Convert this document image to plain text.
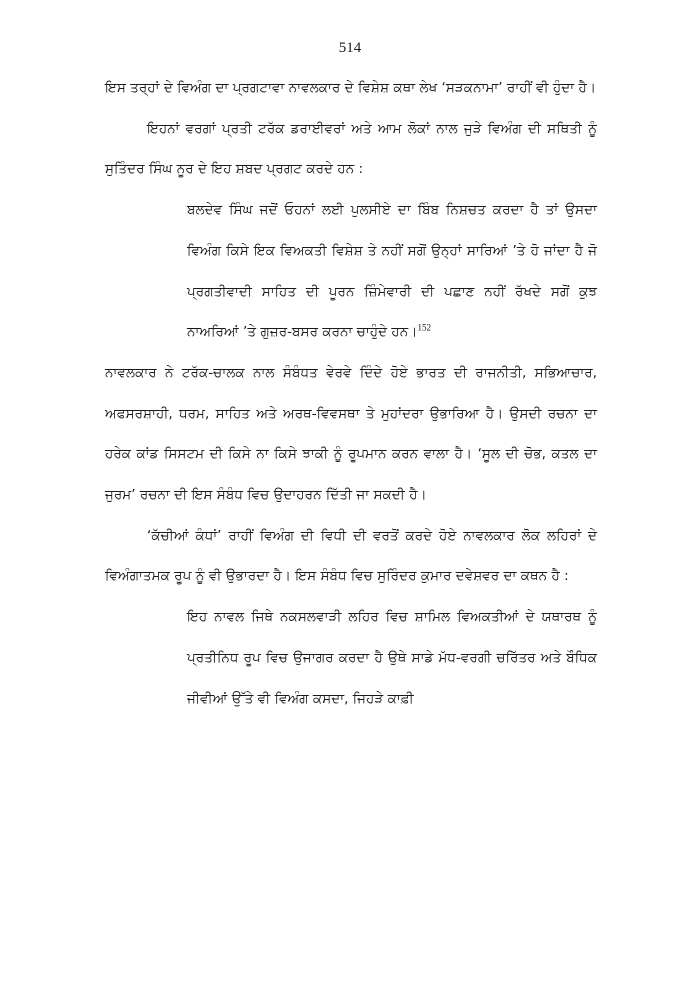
514

ਇਸ ਤਰ੍ਹਾਂ ਦੇ ਵਿਅੰਗ ਦਾ ਪ੍ਰਗਟਾਵਾ ਨਾਵਲਕਾਰ ਦੇ ਵਿਸ਼ੇਸ਼ ਕਥਾ ਲੇਖ ‘ਸੜਕਨਾਮਾ’ ਰਾਹੀਂ ਵੀ ਹੁੰਦਾ ਹੈ।

ਇਹਨਾਂ ਵਰਗਾਂ ਪ੍ਰਤੀ ਟਰੱਕ ਡਰਾਈਵਰਾਂ ਅਤੇ ਆਮ ਲੋਕਾਂ ਨਾਲ ਜੁੜੇ ਵਿਅੰਗ ਦੀ ਸਥਿਤੀ ਨੂੰ ਸੁਤਿੰਦਰ ਸਿੰਘ ਨੂਰ ਦੇ ਇਹ ਸ਼ਬਦ ਪ੍ਰਗਟ ਕਰਦੇ ਹਨ :

ਬਲਦੇਵ ਸਿੰਘ ਜਦੋਂ ਓਹਨਾਂ ਲਈ ਪੁਲਸੀਏ ਦਾ ਬਿੰਬ ਨਿਸ਼ਚਤ ਕਰਦਾ ਹੈ ਤਾਂ ਉਸਦਾ ਵਿਅੰਗ ਕਿਸੇ ਇਕ ਵਿਅਕਤੀ ਵਿਸ਼ੇਸ਼ ਤੇ ਨਹੀਂ ਸਗੋਂ ਉਨ੍ਹਾਂ ਸਾਰਿਆਂ ’ਤੇ ਹੋ ਜਾਂਦਾ ਹੈ ਜੋ ਪ੍ਰਗਤੀਵਾਦੀ ਸਾਹਿਤ ਦੀ ਪੂਰਨ ਜ਼ਿੰਮੇਵਾਰੀ ਦੀ ਪਛਾਣ ਨਹੀਂ ਰੱਖਦੇ ਸਗੋਂ ਕੁਝ ਨਾਅਰਿਆਂ ’ਤੇ ਗੁਜ਼ਰ-ਬਸਰ ਕਰਨਾ ਚਾਹੁੰਦੇ ਹਨ।$^{152}$

ਨਾਵਲਕਾਰ ਨੇ ਟਰੱਕ-ਚਾਲਕ ਨਾਲ ਸੰਬੰਧਤ ਵੇਰਵੇ ਦਿੰਦੇ ਹੋਏ ਭਾਰਤ ਦੀ ਰਾਜਨੀਤੀ, ਸਭਿਆਚਾਰ, ਅਫਸਰਸ਼ਾਹੀ, ਧਰਮ, ਸਾਹਿਤ ਅਤੇ ਅਰਥ-ਵਿਵਸਥਾ ਤੇ ਮੁਹਾਂਦਰਾ ਉਭਾਰਿਆ ਹੈ। ਉਸਦੀ ਰਚਨਾ ਦਾ ਹਰੇਕ ਕਾਂਡ ਸਿਸਟਮ ਦੀ ਕਿਸੇ ਨਾ ਕਿਸੇ ਝਾਕੀ ਨੂੰ ਰੂਪਮਾਨ ਕਰਨ ਵਾਲਾ ਹੈ। ‘ਸੂਲ ਦੀ ਚੋਭ, ਕਤਲ ਦਾ ਜੁਰਮ’ ਰਚਨਾ ਦੀ ਇਸ ਸੰਬੰਧ ਵਿਚ ਉਦਾਹਰਨ ਦਿੱਤੀ ਜਾ ਸਕਦੀ ਹੈ।

‘ਕੱਚੀਆਂ ਕੰਧਾਂ’ ਰਾਹੀਂ ਵਿਅੰਗ ਦੀ ਵਿਧੀ ਦੀ ਵਰਤੋਂ ਕਰਦੇ ਹੋਏ ਨਾਵਲਕਾਰ ਲੋਕ ਲਹਿਰਾਂ ਦੇ ਵਿਅੰਗਾਤਮਕ ਰੂਪ ਨੂੰ ਵੀ ਉਭਾਰਦਾ ਹੈ। ਇਸ ਸੰਬੰਧ ਵਿਚ ਸੁਰਿੰਦਰ ਕੁਮਾਰ ਦਵੇਸ਼ਵਰ ਦਾ ਕਥਨ ਹੈ :

ਇਹ ਨਾਵਲ ਜਿਥੇ ਨਕਸਲਵਾੜੀ ਲਹਿਰ ਵਿਚ ਸ਼ਾਮਿਲ ਵਿਅਕਤੀਆਂ ਦੇ ਯਥਾਰਥ ਨੂੰ ਪ੍ਰਤੀਨਿਧ ਰੂਪ ਵਿਚ ਉਜਾਗਰ ਕਰਦਾ ਹੈ ਉਥੇ ਸਾਡੇ ਮੱਧ-ਵਰਗੀ ਚਰਿੱਤਰ ਅਤੇ ਬੌਧਿਕ ਜੀਵੀਆਂ ਉੱਤੇ ਵੀ ਵਿਅੰਗ ਕਸਦਾ, ਜਿਹੜੇ ਕਾਫ਼ੀ
